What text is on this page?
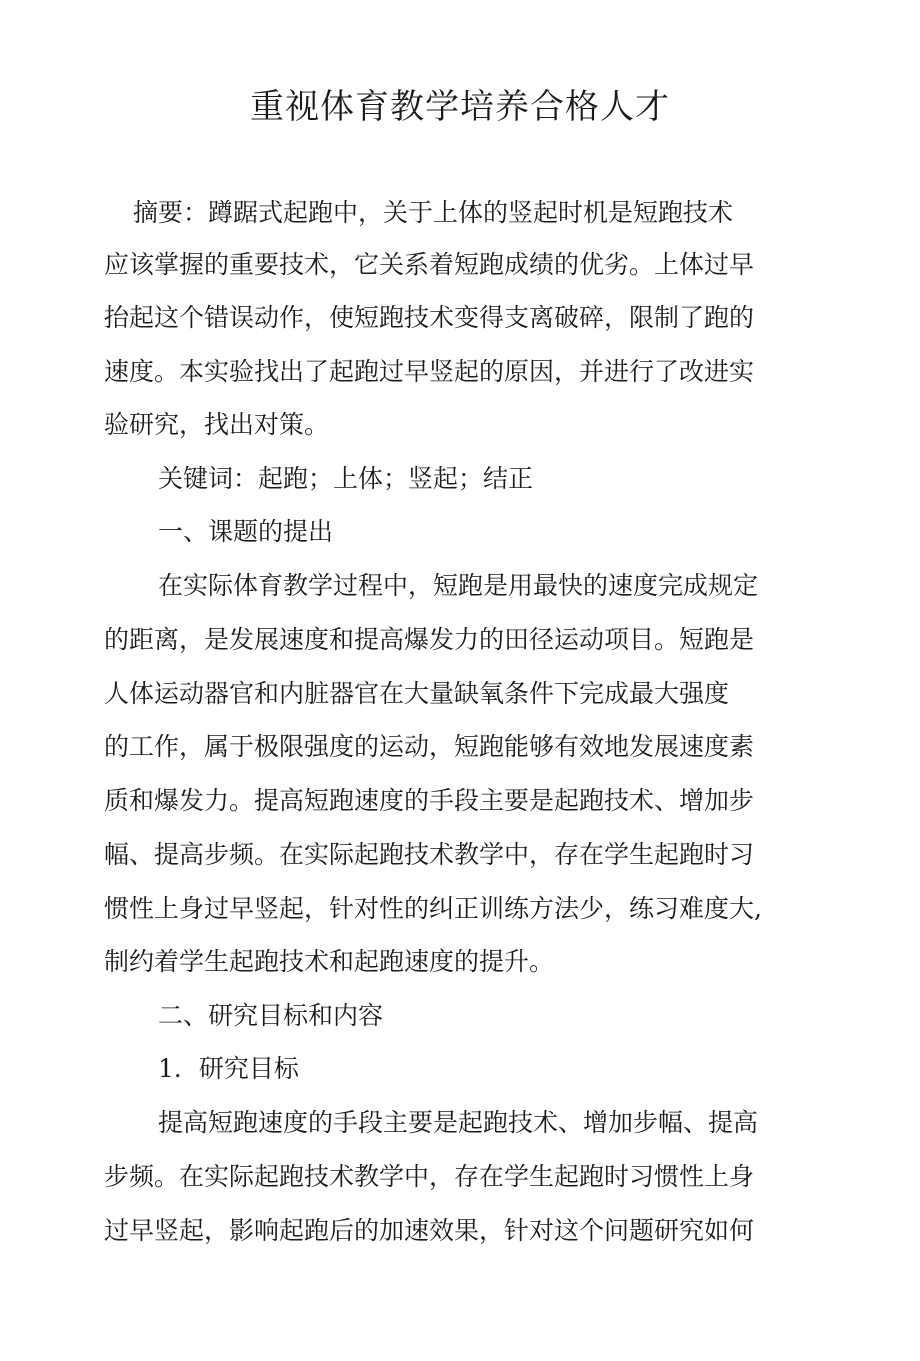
重视体育教学培养合格人才

摘要：蹲踞式起跑中，关于上体的竖起时机是短跑技术

应该掌握的重要技术，它关系着短跑成绩的优劣。上体过早

抬起这个错误动作，使短跑技术变得支离破碎，限制了跑的

速度。本实验找出了起跑过早竖起的原因，并进行了改进实

验研究，找出对策。

关键词：起跑；上体；竖起；结正

一、课题的提出

在实际体育教学过程中，短跑是用最快的速度完成规定

的距离，是发展速度和提高爆发力的田径运动项目。短跑是

人体运动器官和内脏器官在大量缺氧条件下完成最大强度

的工作，属于极限强度的运动，短跑能够有效地发展速度素

质和爆发力。提高短跑速度的手段主要是起跑技术、增加步

幅、提高步频。在实际起跑技术教学中，存在学生起跑时习

惯性上身过早竖起，针对性的纠正训练方法少，练习难度大,

制约着学生起跑技术和起跑速度的提升。

二、研究目标和内容

1．研究目标

提高短跑速度的手段主要是起跑技术、增加步幅、提高

步频。在实际起跑技术教学中，存在学生起跑时习惯性上身

过早竖起，影响起跑后的加速效果，针对这个问题研究如何
